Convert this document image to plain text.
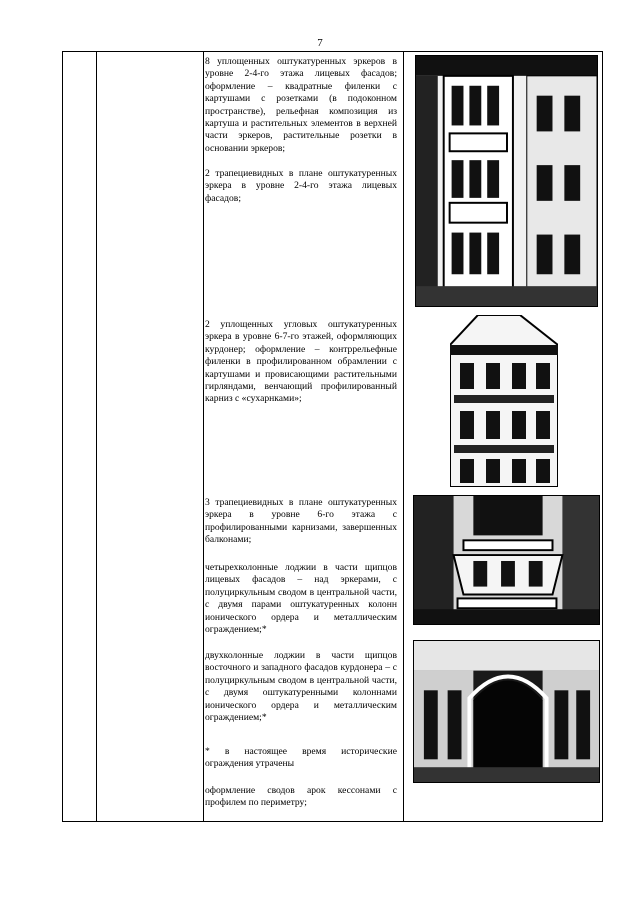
7

8 уплощенных оштукатуренных эркеров в уровне 2-4-го этажа лицевых фасадов; оформление – квадратные филенки с картушами с розетками (в подоконном пространстве), рельефная композиция из картуша и растительных элементов в верхней части эркеров, растительные розетки в основании эркеров;

2 трапециевидных в плане оштукатуренных эркера в уровне 2-4-го этажа лицевых фасадов;

2 уплощенных угловых оштукатуренных эркера в уровне 6-7-го этажей, оформляющих курдонер; оформление – контррельефные филенки в профилированном обрамлении с картушами и провисающими растительными гирляндами, венчающий профилированный карниз с «сухарнками»;

3 трапециевидных в плане оштукатуренных эркера в уровне 6-го этажа с профилированными карнизами, завершенных балконами;

четырехколонные лоджии в части щипцов лицевых фасадов – над эркерами, с полуциркульным сводом в центральной части, с двумя парами оштукатуренных колонн ионического ордера и металлическим ограждением;*

двухколонные лоджии в части щипцов восточного и западного фасадов курдонера – с полуциркульным сводом в центральной части, с двумя оштукатуренными колоннами ионического ордера и металлическим ограждением;*

* в настоящее время исторические ограждения утрачены

оформление сводов арок кессонами с профилем по периметру;
